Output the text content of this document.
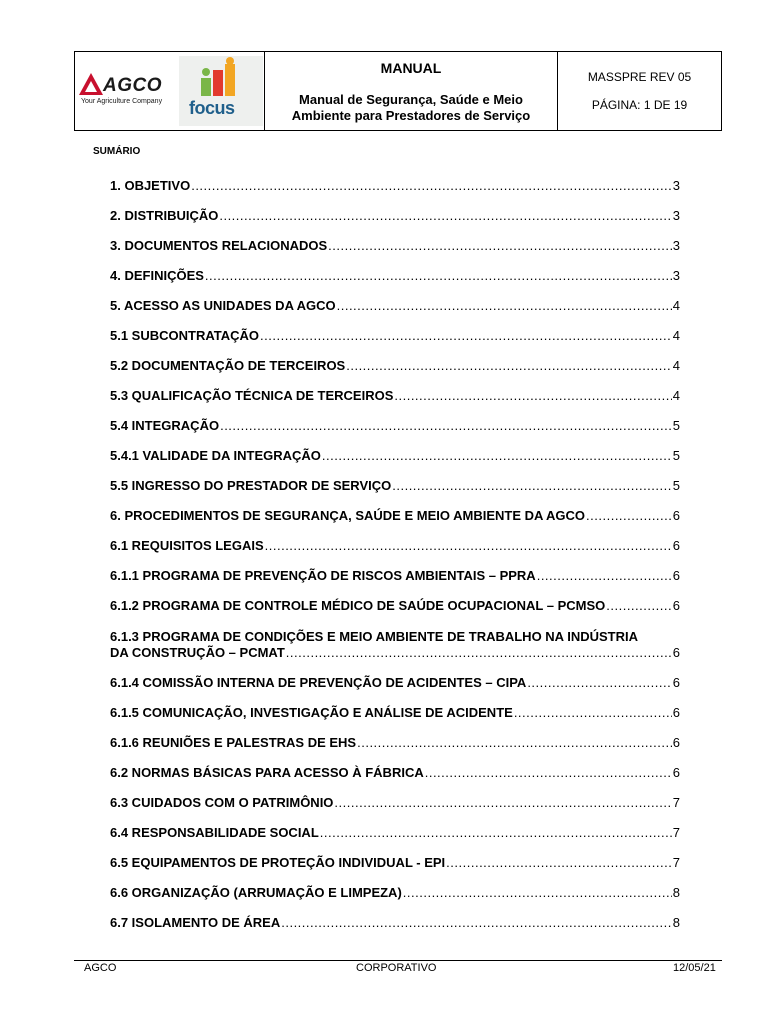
AGCO
Your Agriculture Company focus
MANUAL
Manual de Segurança, Saúde e Meio
Ambiente para Prestadores de Serviço
MASSPRE REV 05
PÁGINA: 1 DE 19
SUMÁRIO
1. OBJETIVO .....	3
2. DISTRIBUIÇÃO .....	3
3. DOCUMENTOS RELACIONADOS .....	3
4. DEFINIÇÕES .....	3
5. ACESSO AS UNIDADES DA AGCO .....	4
5.1 SUBCONTRATAÇÃO .....	4
5.2 DOCUMENTAÇÃO DE TERCEIROS .....	4
5.3 QUALIFICAÇÃO TÉCNICA DE TERCEIROS .....	4
5.4 INTEGRAÇÃO .....	5
5.4.1 VALIDADE DA INTEGRAÇÃO .....	5
5.5 INGRESSO DO PRESTADOR DE SERVIÇO .....	5
6. PROCEDIMENTOS DE SEGURANÇA, SAÚDE E MEIO AMBIENTE DA AGCO .....	6
6.1 REQUISITOS LEGAIS .....	6
6.1.1 PROGRAMA DE PREVENÇÃO DE RISCOS AMBIENTAIS – PPRA .....	6
6.1.2 PROGRAMA DE CONTROLE MÉDICO DE SAÚDE OCUPACIONAL – PCMSO .....	6
6.1.3 PROGRAMA DE CONDIÇÕES E MEIO AMBIENTE DE TRABALHO NA INDÚSTRIA
DA CONSTRUÇÃO – PCMAT .....	6
6.1.4 COMISSÃO INTERNA DE PREVENÇÃO DE ACIDENTES – CIPA .....	6
6.1.5 COMUNICAÇÃO, INVESTIGAÇÃO E ANÁLISE DE ACIDENTE .....	6
6.1.6 REUNIÕES E PALESTRAS DE EHS .....	6
6.2 NORMAS BÁSICAS PARA ACESSO À FÁBRICA .....	6
6.3 CUIDADOS COM O PATRIMÔNIO .....	7
6.4 RESPONSABILIDADE SOCIAL .....	7
6.5 EQUIPAMENTOS DE PROTEÇÃO INDIVIDUAL - EPI .....	7
6.6 ORGANIZAÇÃO (ARRUMAÇÃO E LIMPEZA) .....	8
6.7 ISOLAMENTO DE ÁREA .....	8
AGCO	CORPORATIVO	12/05/21
